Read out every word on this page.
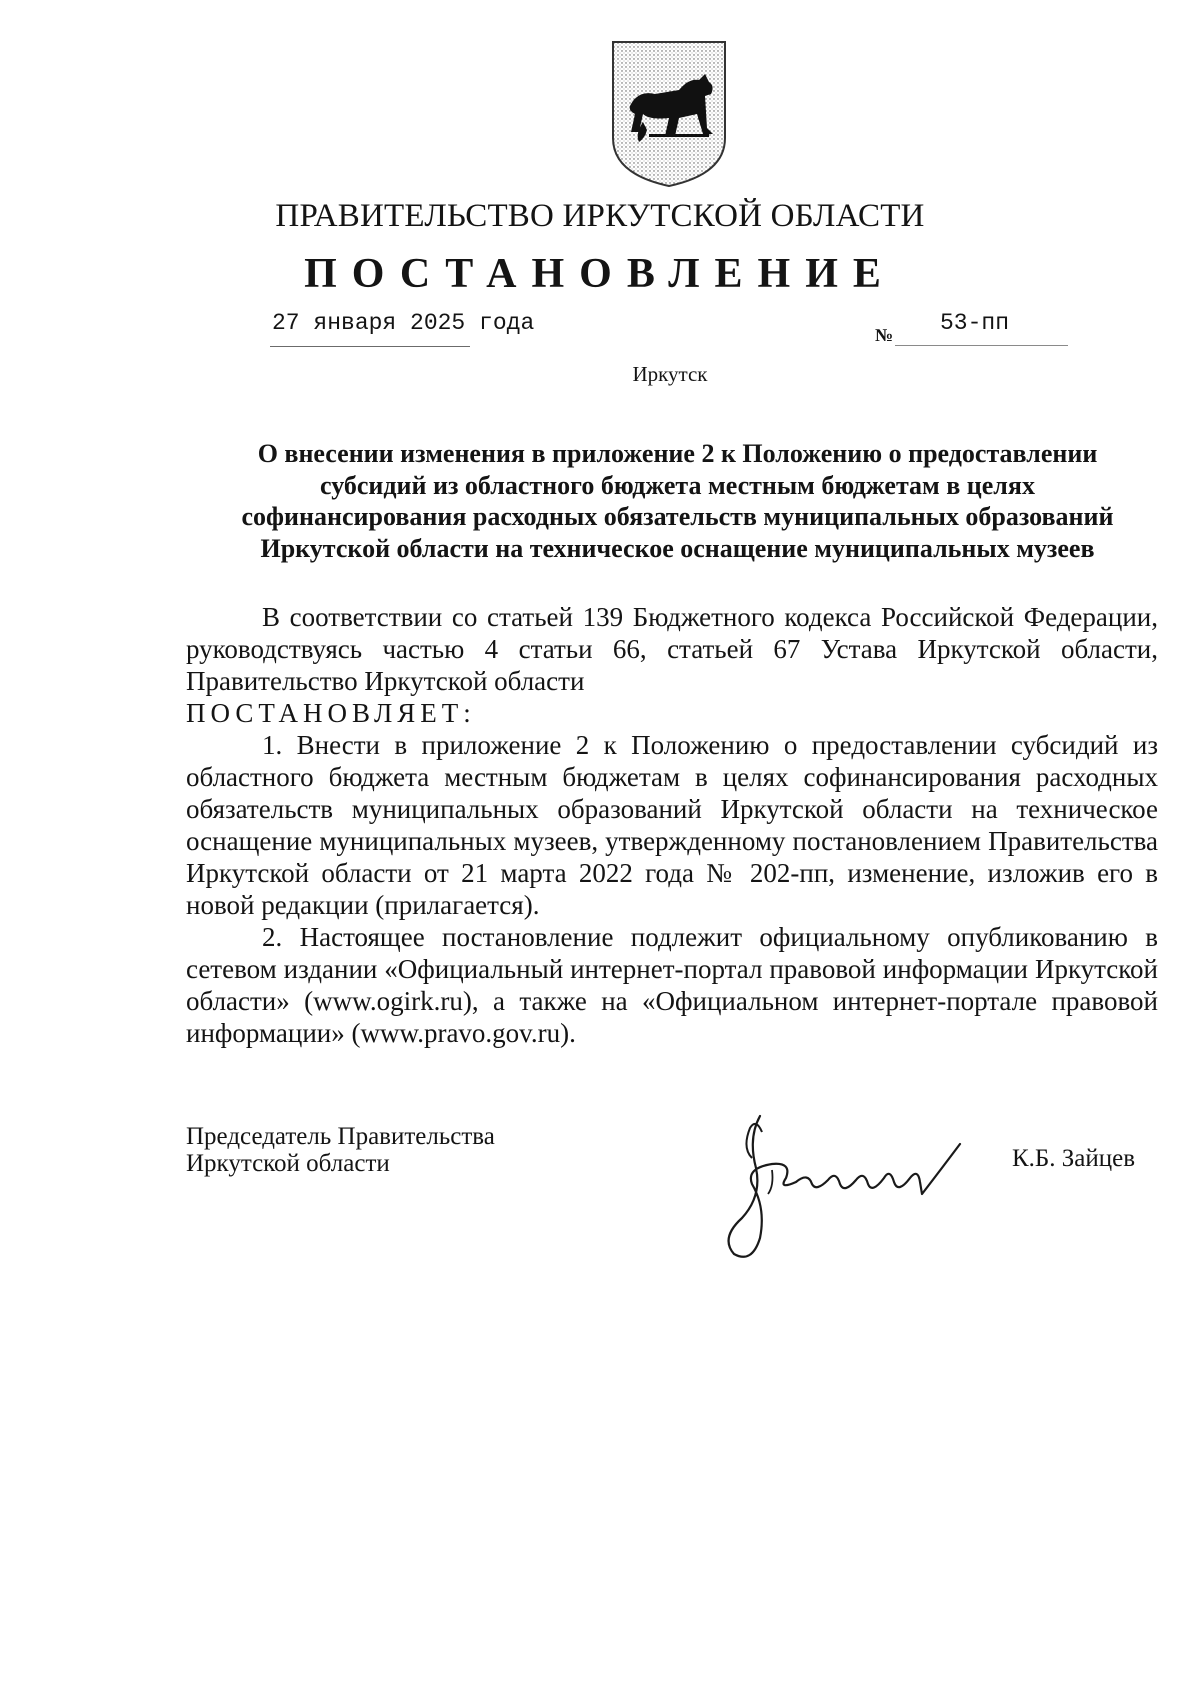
ПРАВИТЕЛЬСТВО ИРКУТСКОЙ ОБЛАСТИ
ПОСТАНОВЛЕНИЕ
27 января 2025 года	№ 53-пп
Иркутск
О внесении изменения в приложение 2 к Положению о предоставлении
субсидий из областного бюджета местным бюджетам в целях
софинансирования расходных обязательств муниципальных образований
Иркутской области на техническое оснащение муниципальных музеев

В соответствии со статьей 139 Бюджетного кодекса Российской Федерации, руководствуясь частью 4 статьи 66, статьей 67 Устава Иркутской области, Правительство Иркутской области

ПОСТАНОВЛЯЕТ:

1. Внести в приложение 2 к Положению о предоставлении субсидий из областного бюджета местным бюджетам в целях софинансирования расходных обязательств муниципальных образований Иркутской области на техническое оснащение муниципальных музеев, утвержденному постановлением Правительства Иркутской области от 21 марта 2022 года № 202-пп, изменение, изложив его в новой редакции (прилагается).

2. Настоящее постановление подлежит официальному опубликованию в сетевом издании «Официальный интернет-портал правовой информации Иркутской области» (www.ogirk.ru), а также на «Официальном интернет-портале правовой информации» (www.pravo.gov.ru).

Председатель Правительства
Иркутской области	К.Б. Зайцев
